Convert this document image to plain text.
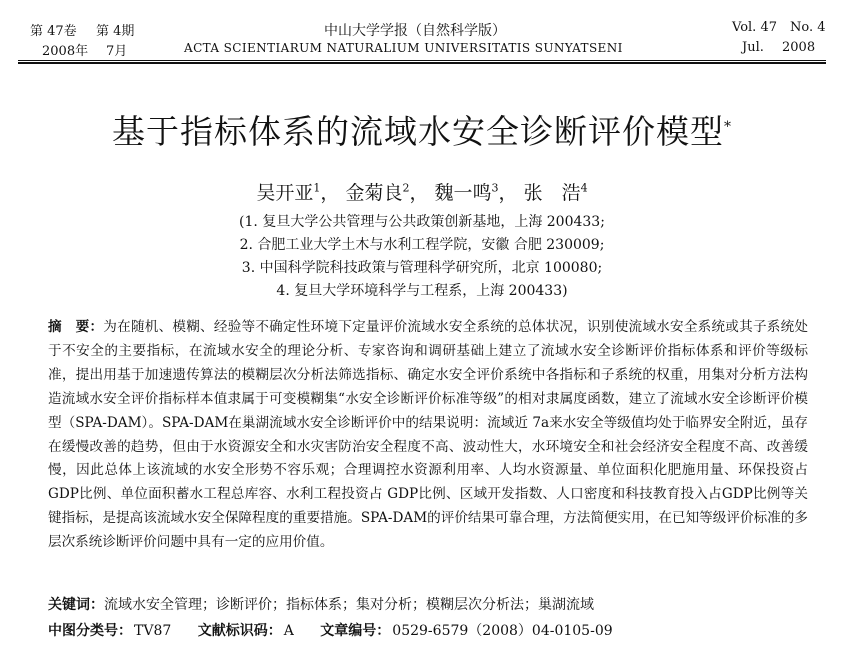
第 47卷 第 4期	中山大学学报（自然科学版）	Vol. 47 No. 4
2008年 7月	ACTA SCIENTIARUM NATURALIUM UNIVERSITATIS SUNYATSENI	Jul. 2008
基于指标体系的流域水安全诊断评价模型*
吴开亚$^1$， 金菊良$^2$， 魏一鸣$^3$， 张　浩$^4$
(1. 复旦大学公共管理与公共政策创新基地，上海 200433;
2. 合肥工业大学土木与水利工程学院，安徽 合肥 230009;
3. 中国科学院科技政策与管理科学研究所，北京 100080;
4. 复旦大学环境科学与工程系，上海 200433)

摘　要：为在随机、模糊、经验等不确定性环境下定量评价流域水安全系统的总体状况，识别使流域水安全系统或其子系统处于不安全的主要指标，在流域水安全的理论分析、专家咨询和调研基础上建立了流域水安全诊断评价指标体系和评价等级标准，提出用基于加速遗传算法的模糊层次分析法筛选指标、确定水安全评价系统中各指标和子系统的权重，用集对分析方法构造流域水安全评价指标样本值隶属于可变模糊集“水安全诊断评价标准等级”的相对隶属度函数，建立了流域水安全诊断评价模型（SPA-DAM）。SPA-DAM在巢湖流域水安全诊断评价中的结果说明：流域近 7a来水安全等级值均处于临界安全附近，虽存在缓慢改善的趋势，但由于水资源安全和水灾害防治安全程度不高、波动性大，水环境安全和社会经济安全程度不高、改善缓慢，因此总体上该流域的水安全形势不容乐观；合理调控水资源利用率、人均水资源量、单位面积化肥施用量、环保投资占GDP比例、单位面积蓄水工程总库容、水利工程投资占 GDP比例、区域开发指数、人口密度和科技教育投入占GDP比例等关键指标，是提高该流域水安全保障程度的重要措施。SPA-DAM的评价结果可靠合理，方法简便实用，在已知等级评价标准的多层次系统诊断评价问题中具有一定的应用价值。

关键词：流域水安全管理；诊断评价；指标体系；集对分析；模糊层次分析法；巢湖流域
中图分类号： TV87 文献标识码： A 文章编号： 0529-6579（2008）04-0105-09
